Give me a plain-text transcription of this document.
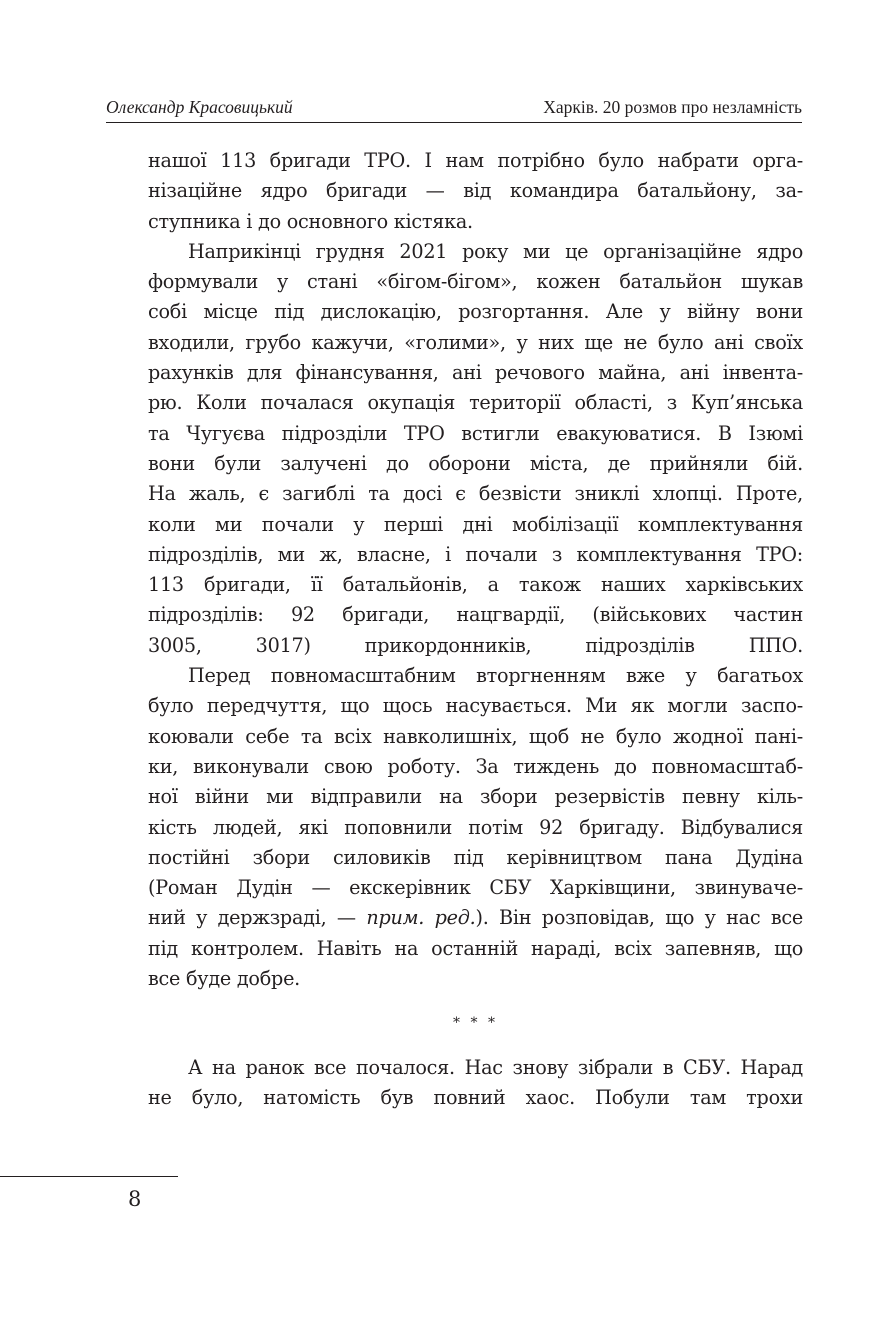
Олександр Красовицький	Харків. 20 розмов про незламність

нашої 113 бригади ТРО. І нам потрібно було набрати орга-
нізаційне ядро бригади — від командира батальйону, за-
ступника і до основного кістяка.

Наприкінці грудня 2021 року ми це організаційне ядро
формували у стані «бігом-бігом», кожен батальйон шукав
собі місце під дислокацію, розгортання. Але у війну вони
входили, грубо кажучи, «голими», у них ще не було ані своїх
рахунків для фінансування, ані речового майна, ані інвента-
рю. Коли почалася окупація території області, з Куп’янська
та Чугуєва підрозділи ТРО встигли евакуюватися. В Ізюмі
вони були залучені до оборони міста, де прийняли бій.
На жаль, є загиблі та досі є безвісти зниклі хлопці. Проте,
коли ми почали у перші дні мобілізації комплектування
підрозділів, ми ж, власне, і почали з комплектування ТРО:
113 бригади, її батальйонів, а також наших харківських
підрозділів: 92 бригади, нацгвардії, (військових частин
3005, 3017) прикордонників, підрозділів ППО.

Перед повномасштабним вторгненням вже у багатьох
було передчуття, що щось насувається. Ми як могли заспо-
коювали себе та всіх навколишніх, щоб не було жодної пані-
ки, виконували свою роботу. За тиждень до повномасштаб-
ної війни ми відправили на збори резервістів певну кіль-
кість людей, які поповнили потім 92 бригаду. Відбувалися
постійні збори силовиків під керівництвом пана Дудіна
(Роман Дудін — екскерівник СБУ Харківщини, звинувачe-
ний у держзраді, — прим. ред.). Він розповідав, що у нас все
під контролем. Навіть на останній нараді, всіх запевняв, що
все буде добре.

* * *

А на ранок все почалося. Нас знову зібрали в СБУ. Нарад
не було, натомість був повний хаос. Побули там трохи

8
